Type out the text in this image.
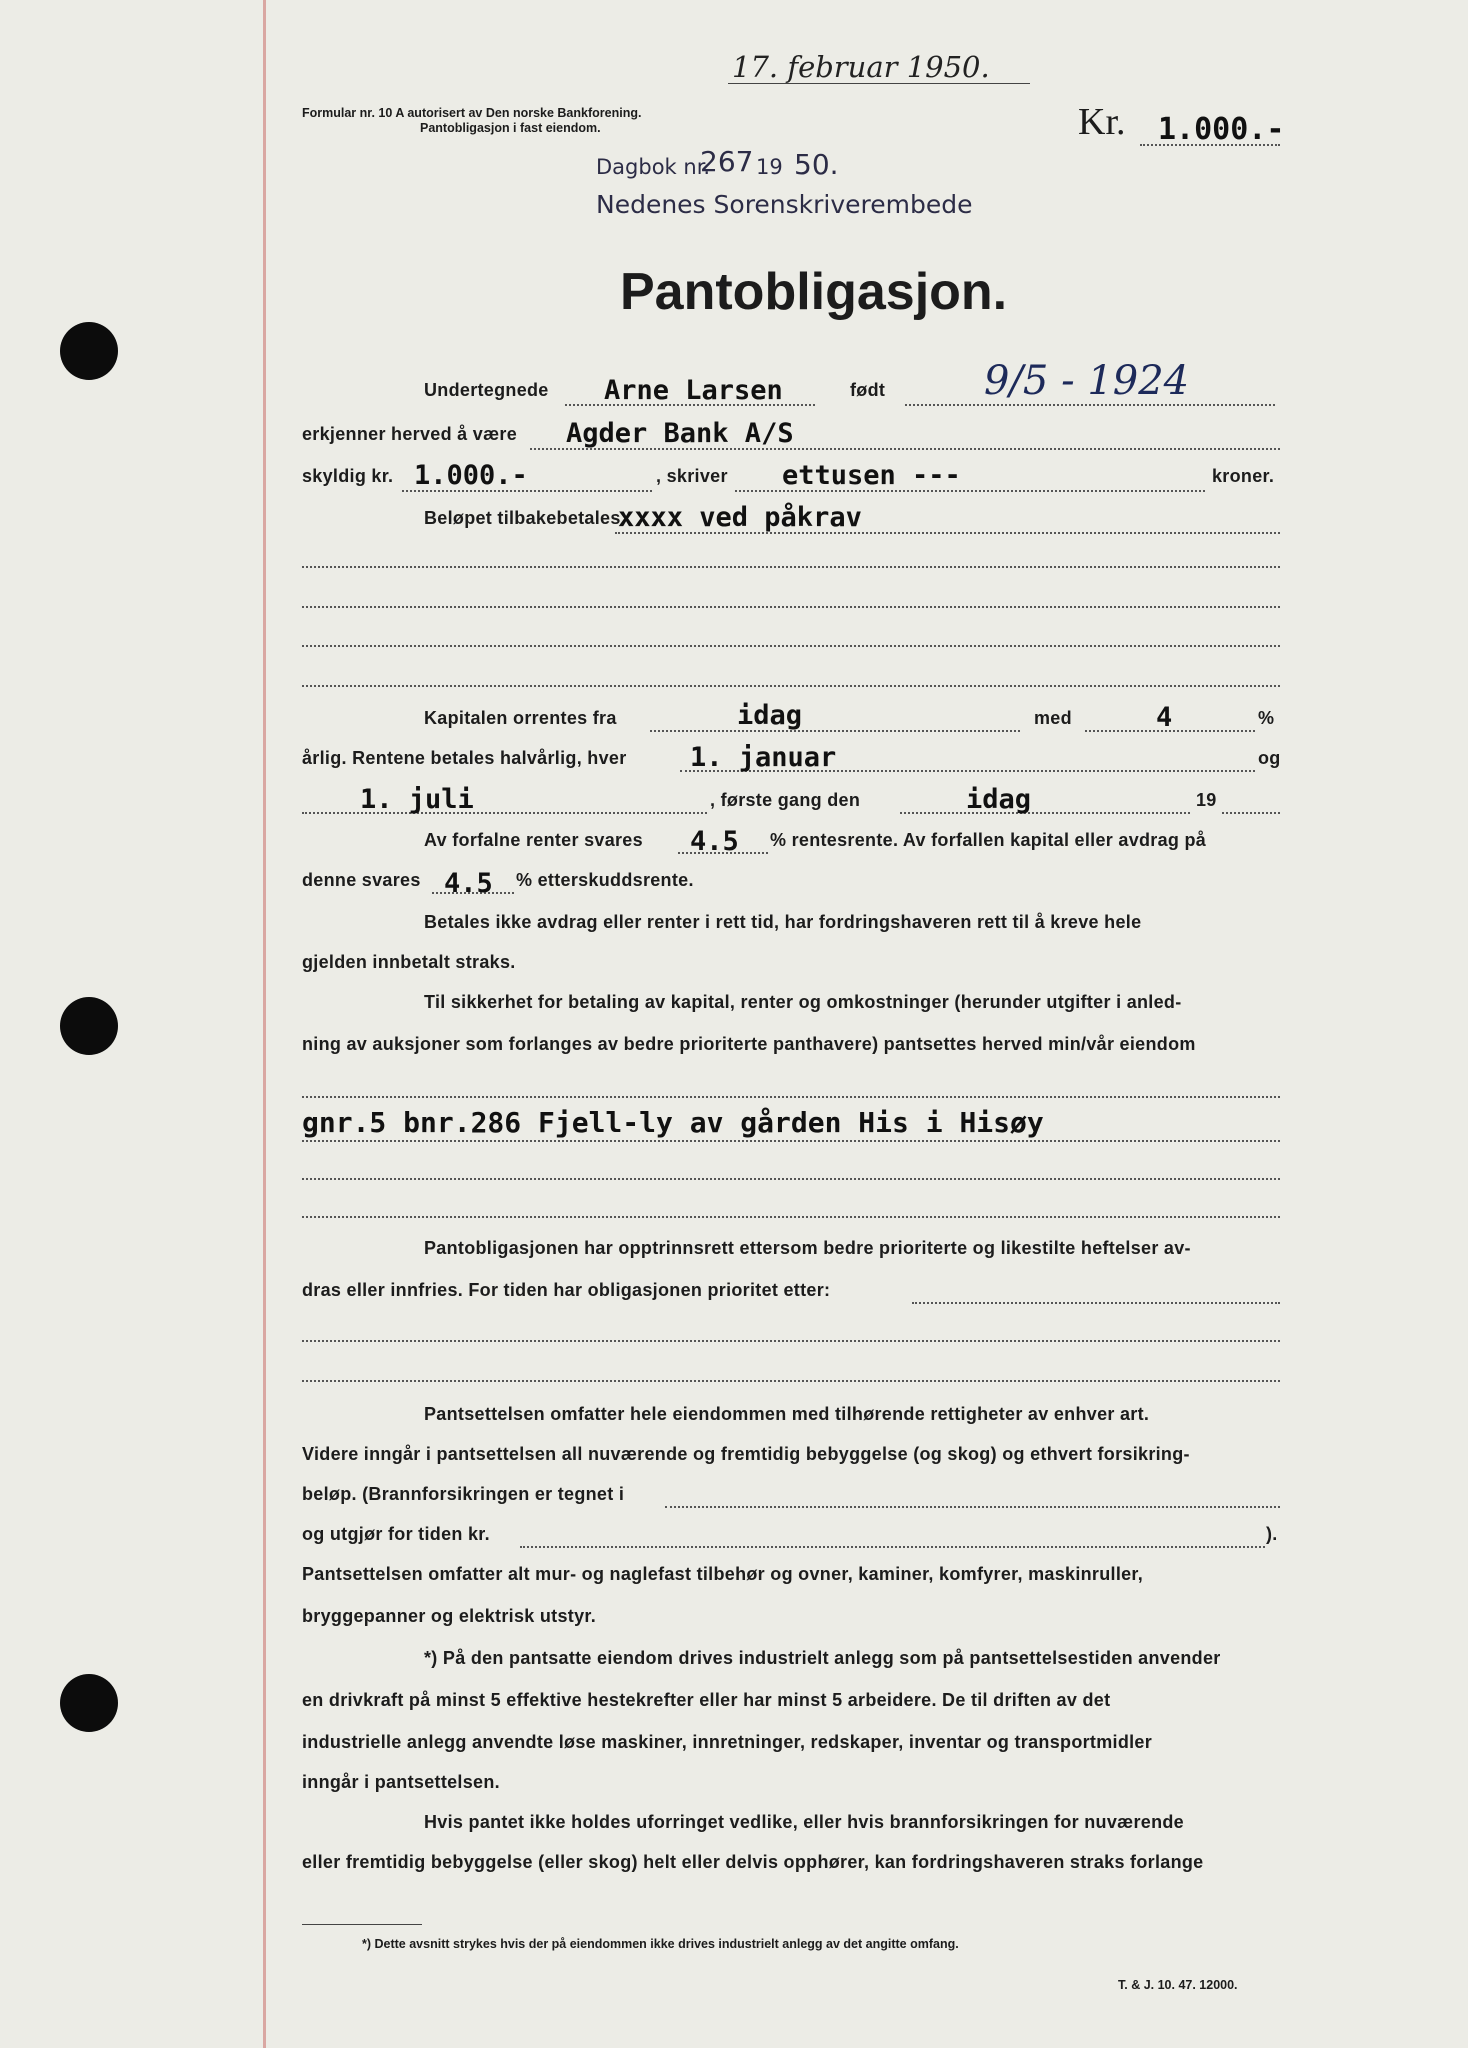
17. februar 1950.
Formular nr. 10 A autorisert av Den norske Bankforening.
Pantobligasjon i fast eiendom.	Kr. 1.000.-
Dagbok nr.
267 19 50.
Nedenes Sorenskriverembede
Pantobligasjon.
Undertegnede Arne Larsen	født 9/5 - 1924
erkjenner herved å være Agder Bank A/S
skyldig kr. 1.000.-	, skriver ettusen ---	kroner.
Beløpet tilbakebetales
xxxx ved påkrav
Kapitalen orrentes fra	idag	med	4	%
årlig. Rentene betales halvårlig, hver 1. januar	og
1. juli	, første gang den	idag	19
Av forfalne renter svares 4.5 % rentesrente. Av forfallen kapital eller avdrag på
denne svares 4.5 % etterskuddsrente.
Betales ikke avdrag eller renter i rett tid, har fordringshaveren rett til å kreve hele
gjelden innbetalt straks.
Til sikkerhet for betaling av kapital, renter og omkostninger (herunder utgifter i anled-
ning av auksjoner som forlanges av bedre prioriterte panthavere) pantsettes herved min/vår eiendom
gnr.5 bnr.286 Fjell-ly av gården His i Hisøy
Pantobligasjonen har opptrinnsrett ettersom bedre prioriterte og likestilte heftelser av-
dras eller innfries. For tiden har obligasjonen prioritet etter:
Pantsettelsen omfatter hele eiendommen med tilhørende rettigheter av enhver art.
Videre inngår i pantsettelsen all nuværende og fremtidig bebyggelse (og skog) og ethvert forsikring-
beløp. (Brannforsikringen er tegnet i
og utgjør for tiden kr.	).
Pantsettelsen omfatter alt mur- og naglefast tilbehør og ovner, kaminer, komfyrer, maskinruller,
bryggepanner og elektrisk utstyr.
*) På den pantsatte eiendom drives industrielt anlegg som på pantsettelsestiden anvender
en drivkraft på minst 5 effektive hestekrefter eller har minst 5 arbeidere. De til driften av det
industrielle anlegg anvendte løse maskiner, innretninger, redskaper, inventar og transportmidler
inngår i pantsettelsen.
Hvis pantet ikke holdes uforringet vedlike, eller hvis brannforsikringen for nuværende
eller fremtidig bebyggelse (eller skog) helt eller delvis opphører, kan fordringshaveren straks forlange
*) Dette avsnitt strykes hvis der på eiendommen ikke drives industrielt anlegg av det angitte omfang.
T. & J. 10. 47. 12000.
